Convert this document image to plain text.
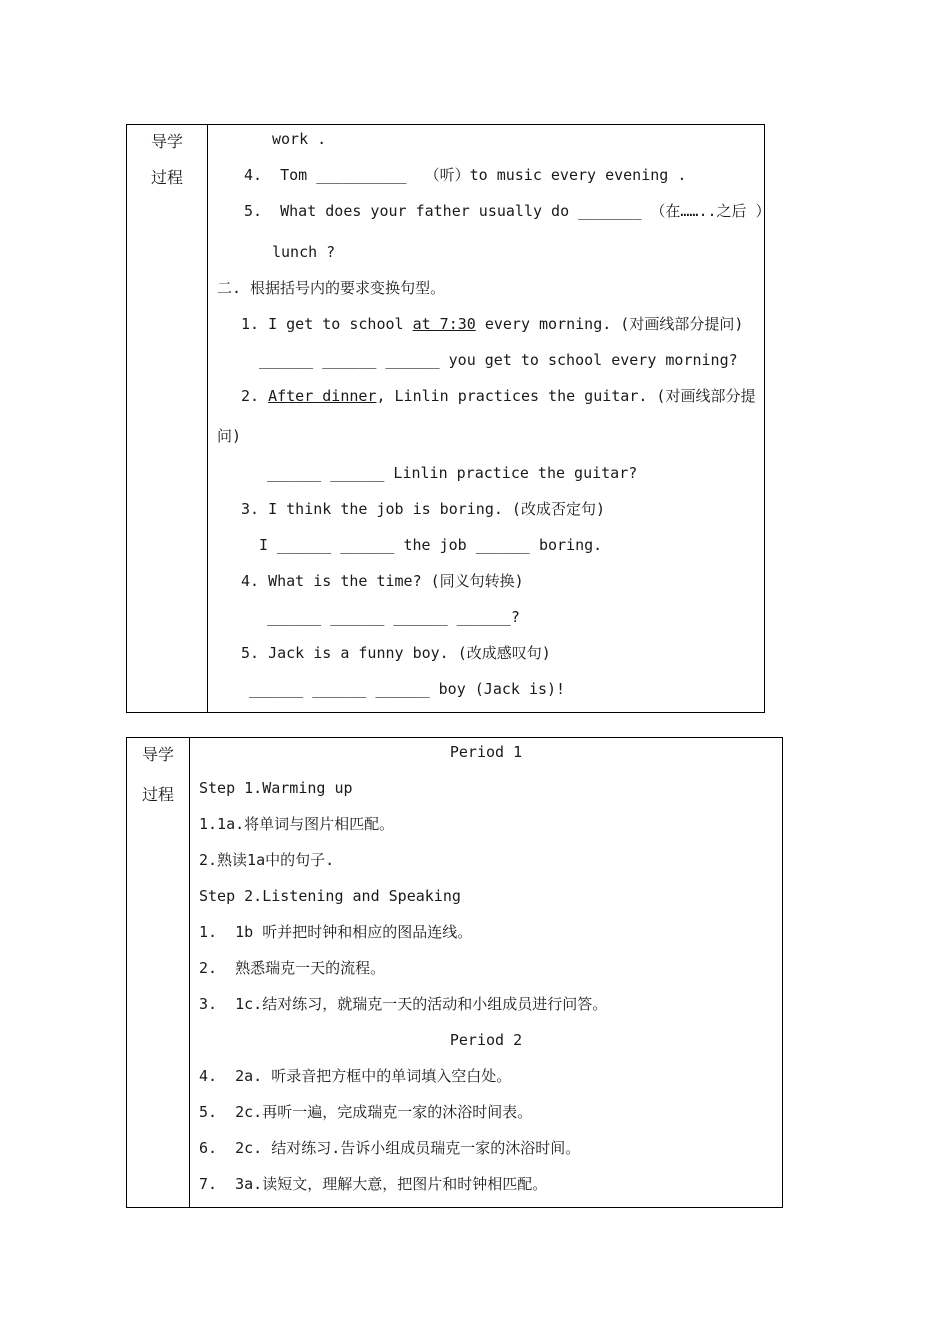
导学
过程
work .
4.  Tom __________  （听）to music every evening .
5.  What does your father usually do _______ （在……..之后 ）
lunch ?
二. 根据括号内的要求变换句型。
1. I get to school at 7:30 every morning. (对画线部分提问)
______ ______ ______ you get to school every morning?
2. After dinner, Linlin practices the guitar. (对画线部分提
问)
______ ______ Linlin practice the guitar?
3. I think the job is boring. (改成否定句)
I ______ ______ the job ______ boring.
4. What is the time? (同义句转换)
______ ______ ______ ______?
5. Jack is a funny boy. (改成感叹句)
______ ______ ______ boy (Jack is)!
导学
过程
Period 1
Step 1.Warming up
1.1a.将单词与图片相匹配。
2.熟读1a中的句子.
Step 2.Listening and Speaking
1.  1b 听并把时钟和相应的图品连线。
2.  熟悉瑞克一天的流程。
3.  1c.结对练习，就瑞克一天的活动和小组成员进行问答。
Period 2
4.  2a. 听录音把方框中的单词填入空白处。
5.  2c.再听一遍，完成瑞克一家的沐浴时间表。
6.  2c. 结对练习.告诉小组成员瑞克一家的沐浴时间。
7.  3a.读短文，理解大意，把图片和时钟相匹配。
